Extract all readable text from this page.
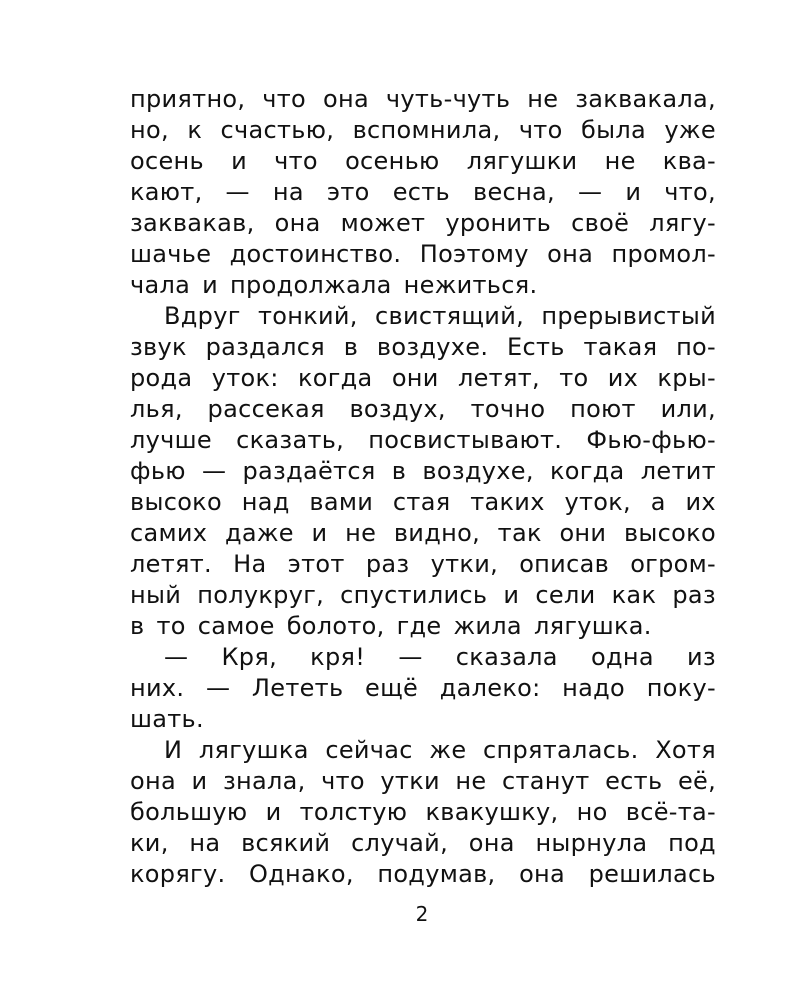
приятно, что она чуть-чуть не заквакала,
но, к счастью, вспомнила, что была уже
осень и что осенью лягушки не ква-
кают, — на это есть весна, — и что,
заквакав, она может уронить своё лягу-
шачье достоинство. Поэтому она промол-
чала и продолжала нежиться.
Вдруг тонкий, свистящий, прерывистый
звук раздался в воздухе. Есть такая по-
рода уток: когда они летят, то их кры-
лья, рассекая воздух, точно поют или,
лучше сказать, посвистывают. Фью-фью-
фью — раздаётся в воздухе, когда летит
высоко над вами стая таких уток, а их
самих даже и не видно, так они высоко
летят. На этот раз утки, описав огром-
ный полукруг, спустились и сели как раз
в то самое болото, где жила лягушка.
— Кря, кря! — сказала одна из
них. — Лететь ещё далеко: надо поку-
шать.
И лягушка сейчас же спряталась. Хотя
она и знала, что утки не станут есть её,
большую и толстую квакушку, но всё-та-
ки, на всякий случай, она нырнула под
корягу. Однако, подумав, она решилась
2
